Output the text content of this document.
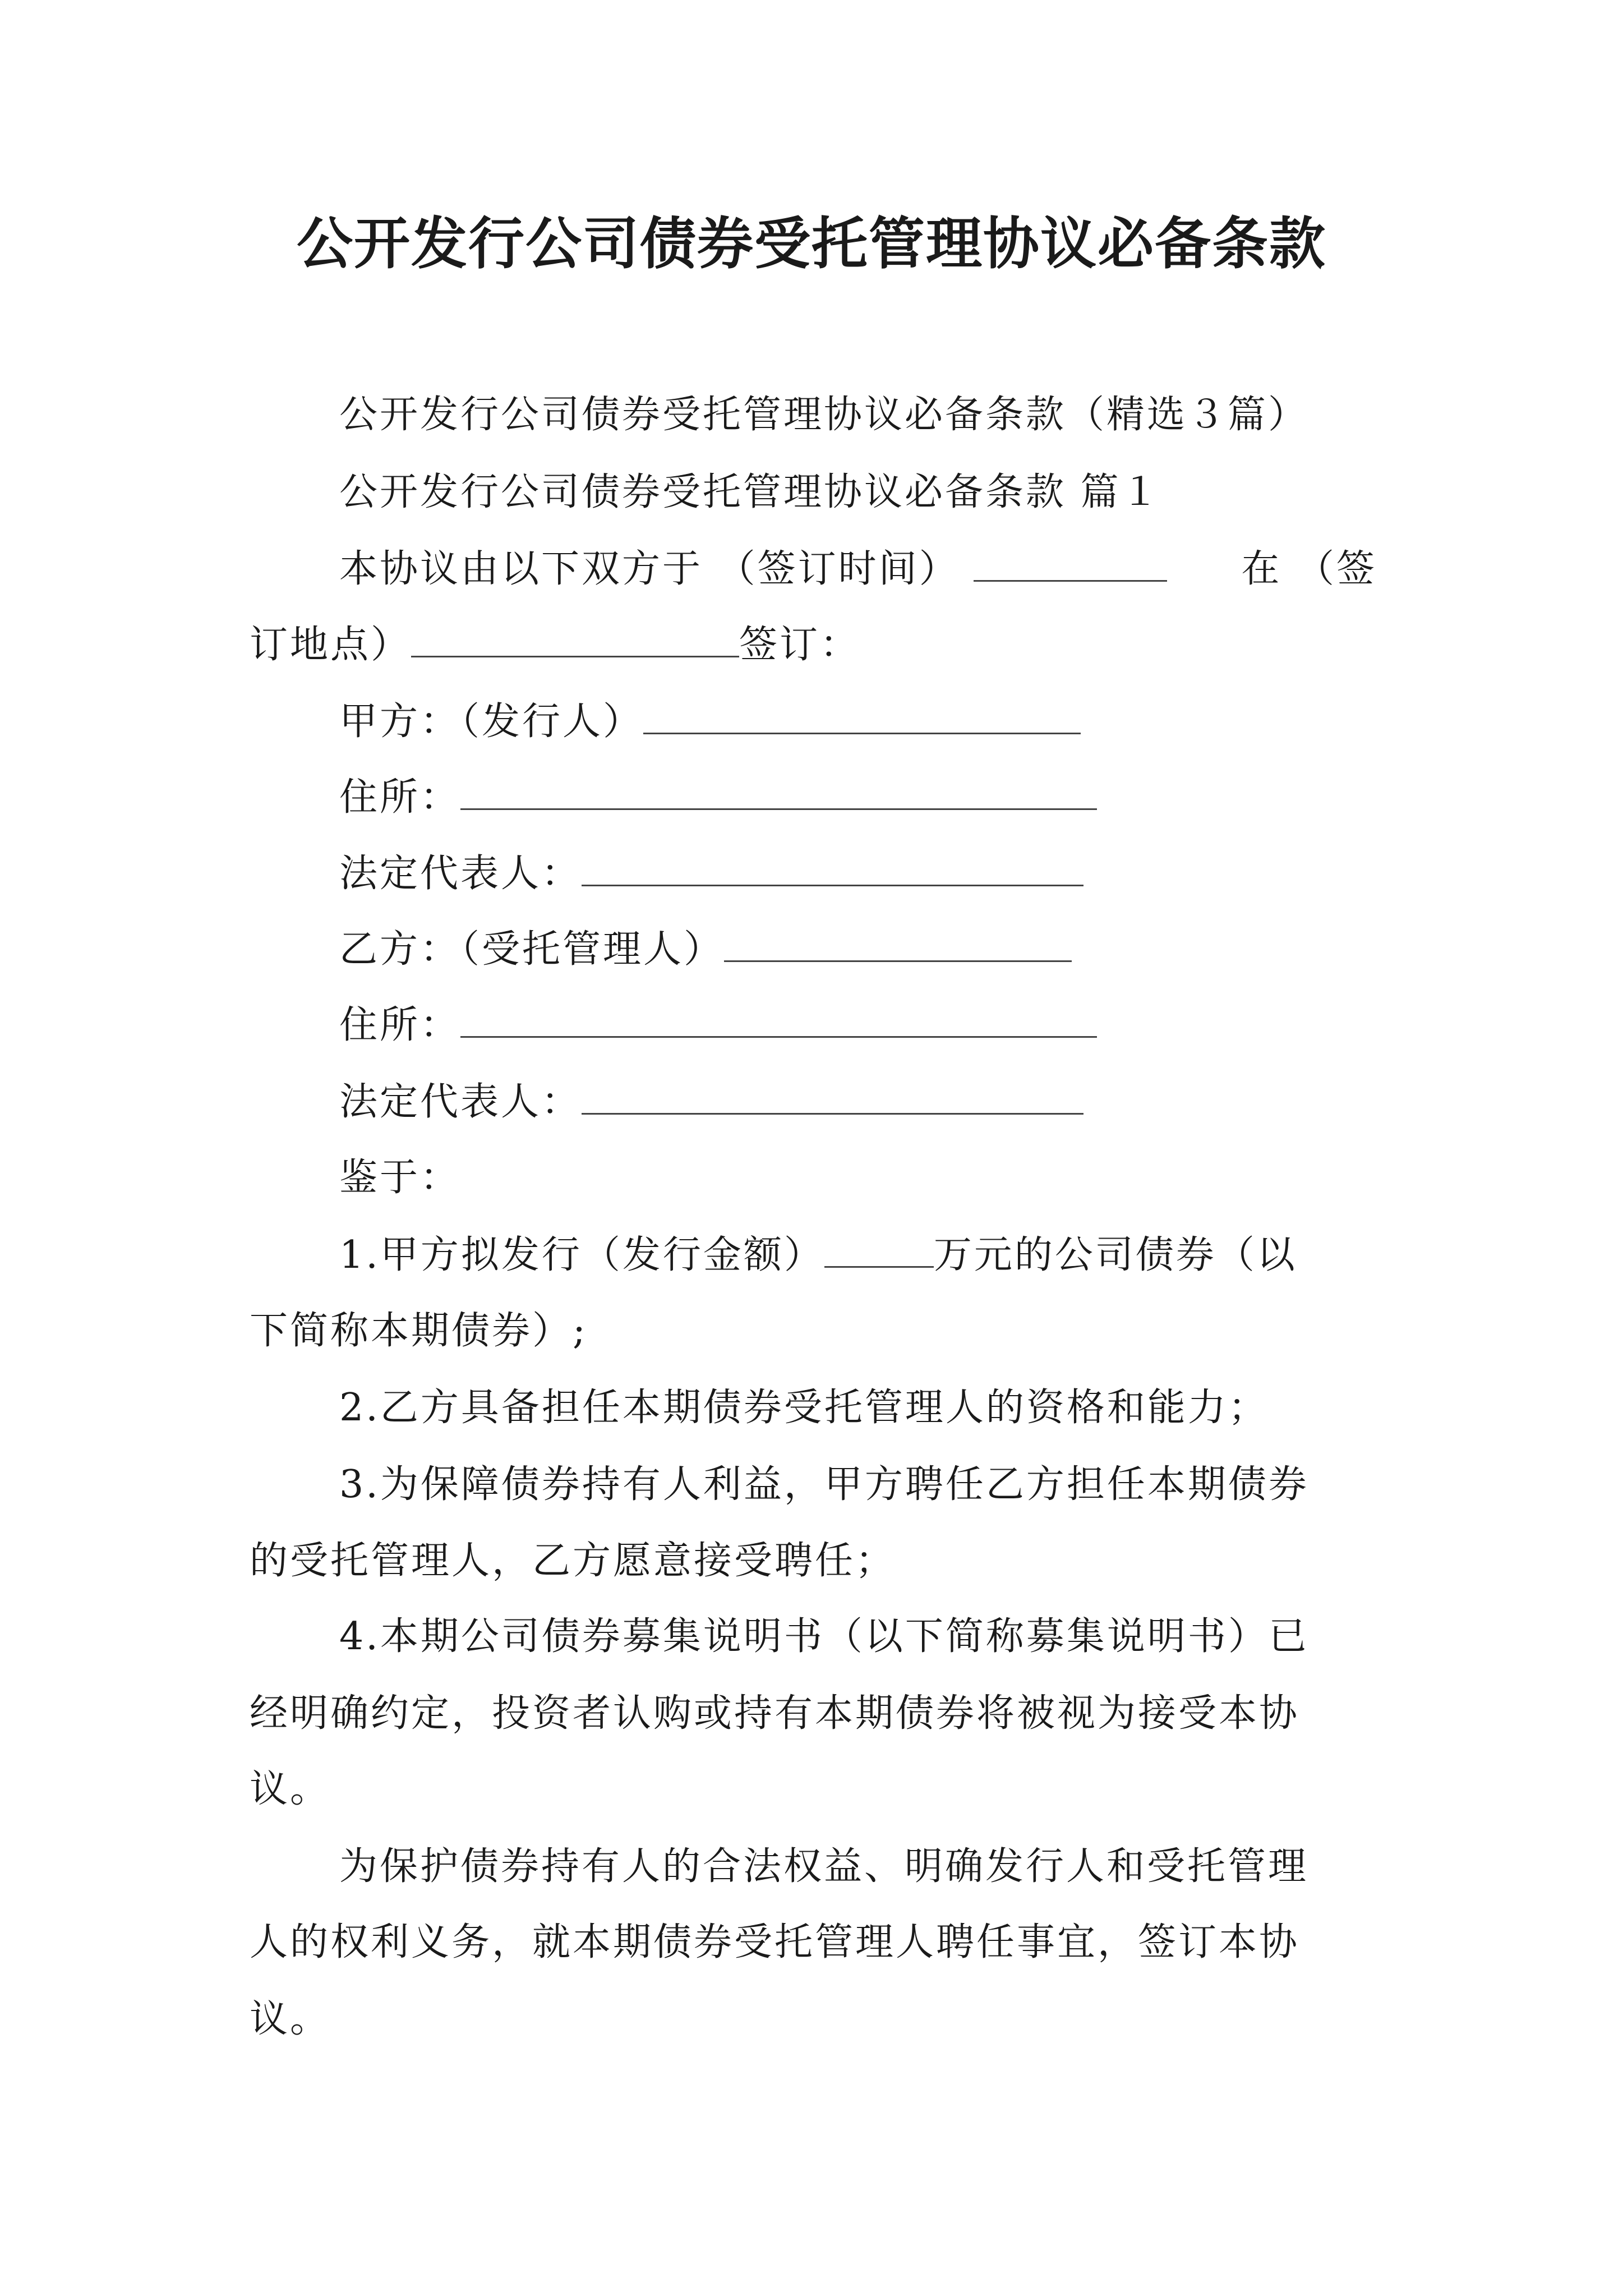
公开发行公司债券受托管理协议必备条款

公开发行公司债券受托管理协议必备条款（精选３篇）

公开发行公司债券受托管理协议必备条款 篇１

本协议由以下双方于 （签订时间）	在 （签

订地点）	签订：

甲方：（发行人）

住所：

法定代表人：

乙方：（受托管理人）

住所：

法定代表人：

鉴于：

1.甲方拟发行（发行金额）	万元的公司债券（以

下简称本期债券）;

2.乙方具备担任本期债券受托管理人的资格和能力；

3.为保障债券持有人利益，甲方聘任乙方担任本期债券

的受托管理人，乙方愿意接受聘任；

4.本期公司债券募集说明书（以下简称募集说明书）已

经明确约定，投资者认购或持有本期债券将被视为接受本协

议。

为保护债券持有人的合法权益、明确发行人和受托管理

人的权利义务，就本期债券受托管理人聘任事宜，签订本协

议。
